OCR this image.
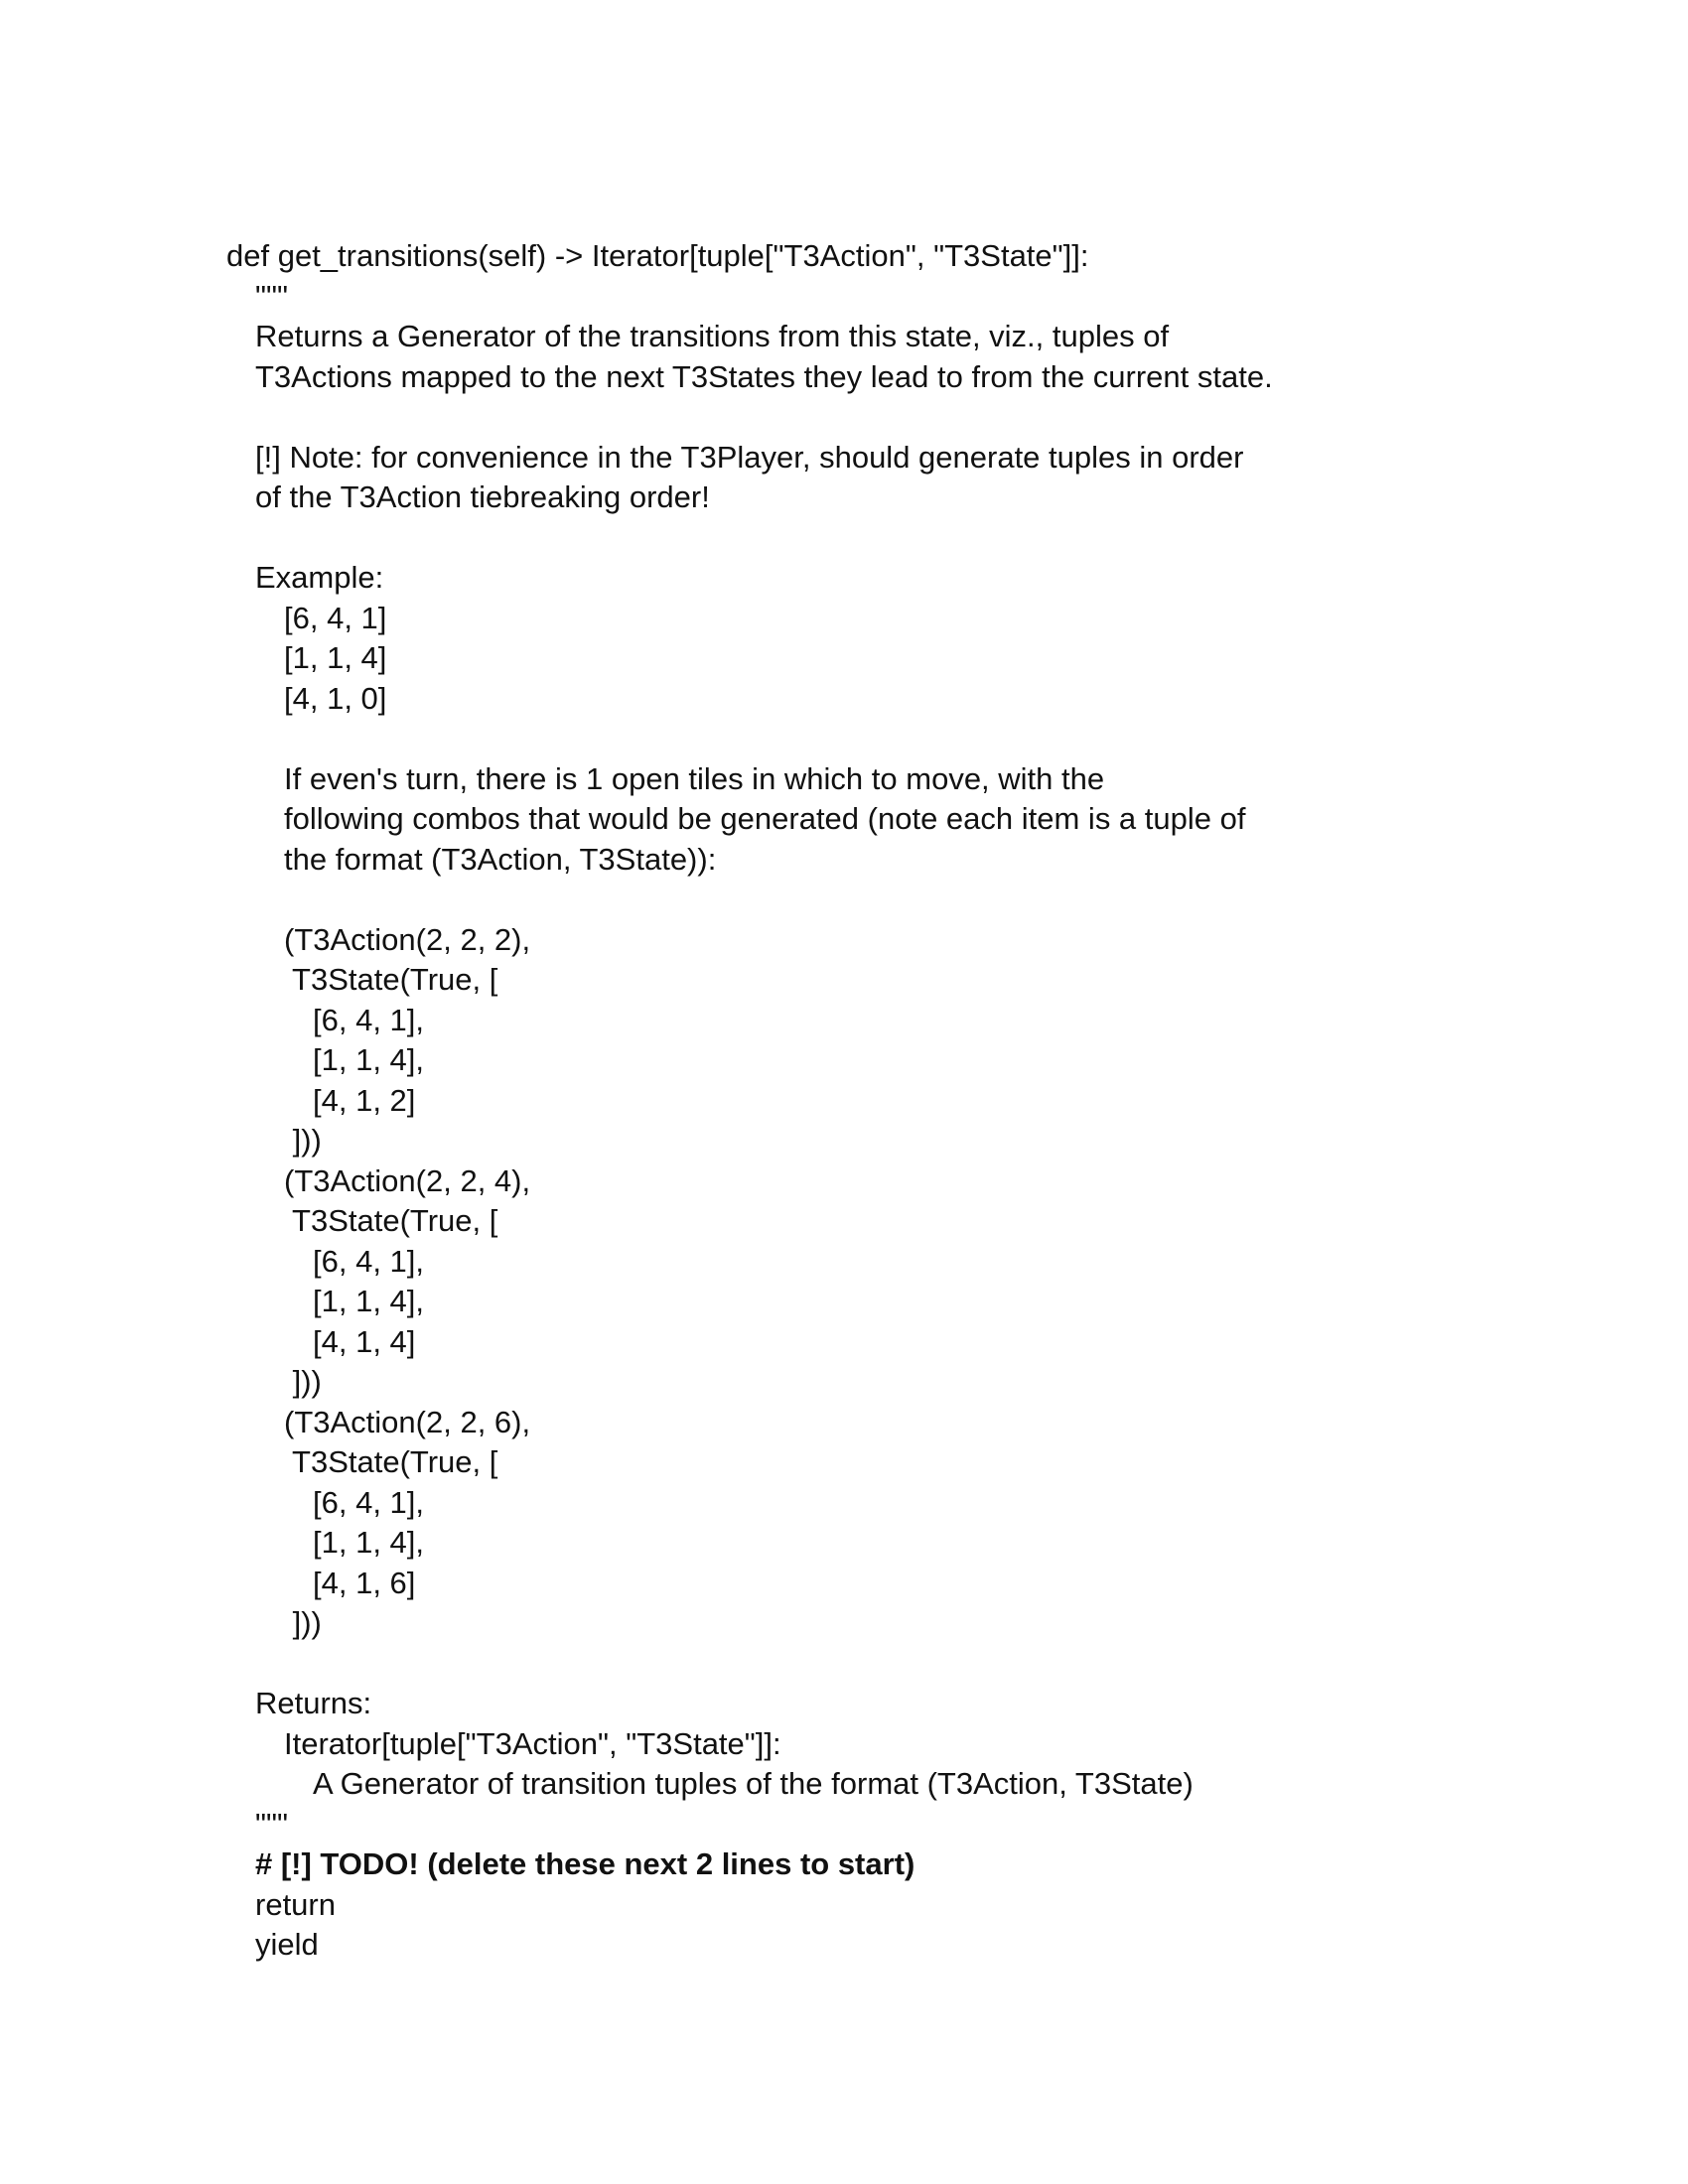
def get_transitions(self) -> Iterator[tuple["T3Action", "T3State"]]:
"""
Returns a Generator of the transitions from this state, viz., tuples of
T3Actions mapped to the next T3States they lead to from the current state.
[!] Note: for convenience in the T3Player, should generate tuples in order
of the T3Action tiebreaking order!
Example:
[6, 4, 1]
[1, 1, 4]
[4, 1, 0]
If even's turn, there is 1 open tiles in which to move, with the
following combos that would be generated (note each item is a tuple of
the format (T3Action, T3State)):
(T3Action(2, 2, 2),
T3State(True, [
[6, 4, 1],
[1, 1, 4],
[4, 1, 2]
]))
(T3Action(2, 2, 4),
T3State(True, [
[6, 4, 1],
[1, 1, 4],
[4, 1, 4]
]))
(T3Action(2, 2, 6),
T3State(True, [
[6, 4, 1],
[1, 1, 4],
[4, 1, 6]
]))
Returns:
Iterator[tuple["T3Action", "T3State"]]:
A Generator of transition tuples of the format (T3Action, T3State)
"""
# [!] TODO! (delete these next 2 lines to start)
return
yield
